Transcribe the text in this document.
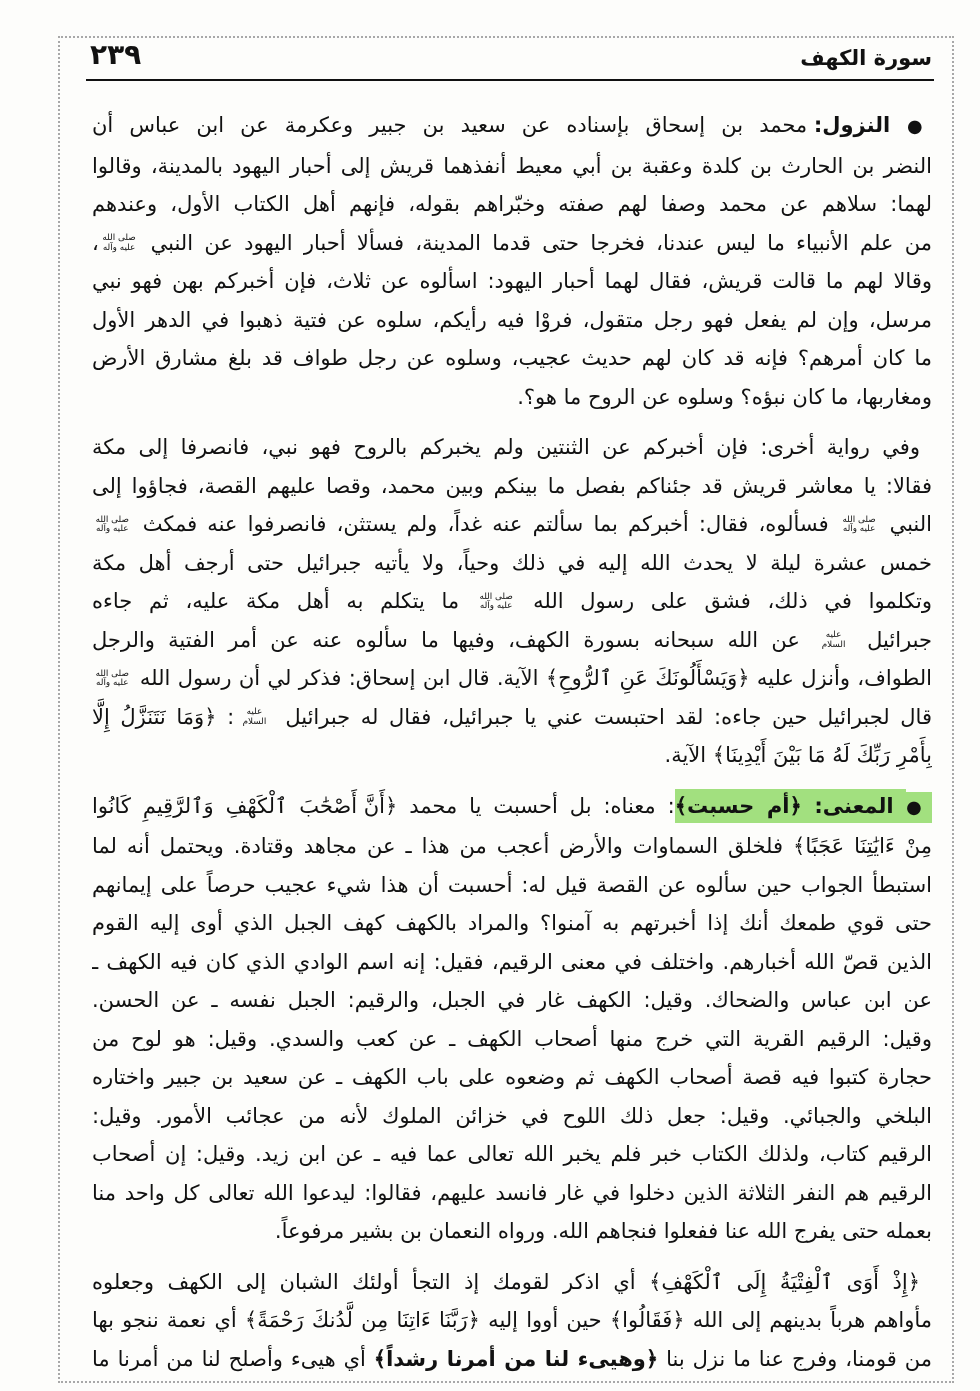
سورة الكهف
٢٣٩
● النزول: محمد بن إسحاق بإسناده عن سعيد بن جبير وعكرمة عن ابن عباس أن
النضر بن الحارث بن كلدة وعقبة بن أبي معيط أنفذهما قريش إلى أحبار اليهود بالمدينة، وقالوا
لهما: سلاهم عن محمد وصفا لهم صفته وخبّراهم بقوله، فإنهم أهل الكتاب الأول، وعندهم
من علم الأنبياء ما ليس عندنا، فخرجا حتى قدما المدينة، فسألا أحبار اليهود عن النبي صلى الله عليه وآله،
وقالا لهم ما قالت قريش، فقال لهما أحبار اليهود: اسألوه عن ثلاث، فإن أخبركم بهن فهو نبي
مرسل، وإن لم يفعل فهو رجل متقول، فروْا فيه رأيكم، سلوه عن فتية ذهبوا في الدهر الأول
ما كان أمرهم؟ فإنه قد كان لهم حديث عجيب، وسلوه عن رجل طواف قد بلغ مشارق الأرض
ومغاربها، ما كان نبؤه؟ وسلوه عن الروح ما هو؟.
وفي رواية أخرى: فإن أخبركم عن الثنتين ولم يخبركم بالروح فهو نبي، فانصرفا إلى مكة
فقالا: يا معاشر قريش قد جئناكم بفصل ما بينكم وبين محمد، وقصا عليهم القصة، فجاؤوا إلى
النبي صلى الله عليه وآله فسألوه، فقال: أخبركم بما سألتم عنه غداً، ولم يستثن، فانصرفوا عنه فمكث صلى الله عليه وآله
خمس عشرة ليلة لا يحدث الله إليه في ذلك وحياً، ولا يأتيه جبرائيل حتى أرجف أهل مكة
وتكلموا في ذلك، فشق على رسول الله صلى الله عليه وآله ما يتكلم به أهل مكة عليه، ثم جاءه
جبرائيل عليه السلام عن الله سبحانه بسورة الكهف، وفيها ما سألوه عنه عن أمر الفتية والرجل
الطواف، وأنزل عليه ﴿وَيَسْأَلُونَكَ عَنِ ٱلرُّوحِ﴾ الآية. قال ابن إسحاق: فذكر لي أن رسول الله صلى الله عليه وآله
قال لجبرائيل حين جاءه: لقد احتبست عني يا جبرائيل، فقال له جبرائيل عليه السلام: ﴿وَمَا نَتَنَزَّلُ إِلَّا
بِأَمْرِ رَبِّكَ لَهُ مَا بَيْنَ أَيْدِينَا﴾ الآية.
● المعنى: ﴿أم حسبت﴾: معناه: بل أحسبت يا محمد ﴿أَنَّ أَصْحَٰبَ ٱلْكَهْفِ وَٱلرَّقِيمِ كَانُوا
مِنْ ءَايَٰتِنَا عَجَبًا﴾ فلخلق السماوات والأرض أعجب من هذا ـ عن مجاهد وقتادة. ويحتمل أنه لما
استبطأ الجواب حين سألوه عن القصة قيل له: أحسبت أن هذا شيء عجيب حرصاً على إيمانهم
حتى قوي طمعك أنك إذا أخبرتهم به آمنوا؟ والمراد بالكهف كهف الجبل الذي أوى إليه القوم
الذين قصّ الله أخبارهم. واختلف في معنى الرقيم، فقيل: إنه اسم الوادي الذي كان فيه الكهف ـ
عن ابن عباس والضحاك. وقيل: الكهف غار في الجبل، والرقيم: الجبل نفسه ـ عن الحسن.
وقيل: الرقيم القرية التي خرج منها أصحاب الكهف ـ عن كعب والسدي. وقيل: هو لوح من
حجارة كتبوا فيه قصة أصحاب الكهف ثم وضعوه على باب الكهف ـ عن سعيد بن جبير واختاره
البلخي والجبائي. وقيل: جعل ذلك اللوح في خزائن الملوك لأنه من عجائب الأمور. وقيل:
الرقيم كتاب، ولذلك الكتاب خبر فلم يخبر الله تعالى عما فيه ـ عن ابن زيد. وقيل: إن أصحاب
الرقيم هم النفر الثلاثة الذين دخلوا في غار فانسد عليهم، فقالوا: ليدعوا الله تعالى كل واحد منا
بعمله حتى يفرج الله عنا ففعلوا فنجاهم الله. ورواه النعمان بن بشير مرفوعاً.
﴿إِذْ أَوَى ٱلْفِتْيَةُ إِلَى ٱلْكَهْفِ﴾ أي اذكر لقومك إذ التجأ أولئك الشبان إلى الكهف وجعلوه
مأواهم هرباً بدينهم إلى الله ﴿فَقَالُوا﴾ حين أووا إليه ﴿رَبَّنَا ءَاتِنَا مِن لَّدُنكَ رَحْمَةً﴾ أي نعمة ننجو بها
من قومنا، وفرج عنا ما نزل بنا ﴿وهيىء لنا من أمرنا رشداً﴾ أي هيىء وأصلح لنا من أمرنا ما
